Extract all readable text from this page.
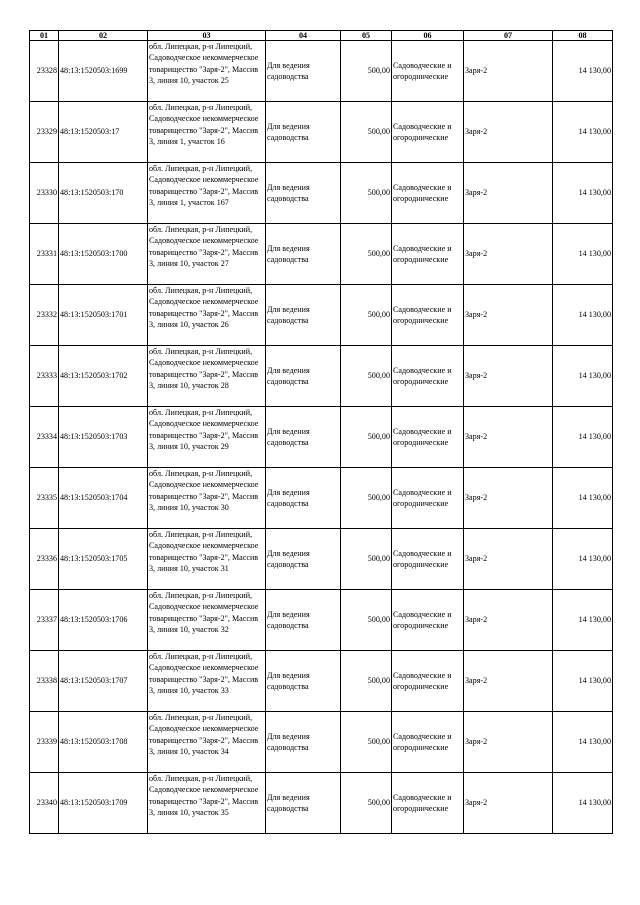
01	02	03	04	05	06	07	08
23328	48:13:1520503:1699	обл. Липецкая, р-н Липецкий, Садоводческое некоммерческое товарищество "Заря-2", Массив 3, линия 10, участок 25	Для ведения садоводства	500,00	Садоводческие и огороднические	Заря-2	14 130,00
23329	48:13:1520503:17	обл. Липецкая, р-н Липецкий, Садоводческое некоммерческое товарищество "Заря-2", Массив 3, линия 1, участок 16	Для ведения садоводства	500,00	Садоводческие и огороднические	Заря-2	14 130,00
23330	48:13:1520503:170	обл. Липецкая, р-н Липецкий, Садоводческое некоммерческое товарищество "Заря-2", Массив 3, линия 1, участок 167	Для ведения садоводства	500,00	Садоводческие и огороднические	Заря-2	14 130,00
23331	48:13:1520503:1700	обл. Липецкая, р-н Липецкий, Садоводческое некоммерческое товарищество "Заря-2", Массив 3, линия 10, участок 27	Для ведения садоводства	500,00	Садоводческие и огороднические	Заря-2	14 130,00
23332	48:13:1520503:1701	обл. Липецкая, р-н Липецкий, Садоводческое некоммерческое товарищество "Заря-2", Массив 3, линия 10, участок 26	Для ведения садоводства	500,00	Садоводческие и огороднические	Заря-2	14 130,00
23333	48:13:1520503:1702	обл. Липецкая, р-н Липецкий, Садоводческое некоммерческое товарищество "Заря-2", Массив 3, линия 10, участок 28	Для ведения садоводства	500,00	Садоводческие и огороднические	Заря-2	14 130,00
23334	48:13:1520503:1703	обл. Липецкая, р-н Липецкий, Садоводческое некоммерческое товарищество "Заря-2", Массив 3, линия 10, участок 29	Для ведения садоводства	500,00	Садоводческие и огороднические	Заря-2	14 130,00
23335	48:13:1520503:1704	обл. Липецкая, р-н Липецкий, Садоводческое некоммерческое товарищество "Заря-2", Массив 3, линия 10, участок 30	Для ведения садоводства	500,00	Садоводческие и огороднические	Заря-2	14 130,00
23336	48:13:1520503:1705	обл. Липецкая, р-н Липецкий, Садоводческое некоммерческое товарищество "Заря-2", Массив 3, линия 10, участок 31	Для ведения садоводства	500,00	Садоводческие и огороднические	Заря-2	14 130,00
23337	48:13:1520503:1706	обл. Липецкая, р-н Липецкий, Садоводческое некоммерческое товарищество "Заря-2", Массив 3, линия 10, участок 32	Для ведения садоводства	500,00	Садоводческие и огороднические	Заря-2	14 130,00
23338	48:13:1520503:1707	обл. Липецкая, р-н Липецкий, Садоводческое некоммерческое товарищество "Заря-2", Массив 3, линия 10, участок 33	Для ведения садоводства	500,00	Садоводческие и огороднические	Заря-2	14 130,00
23339	48:13:1520503:1708	обл. Липецкая, р-н Липецкий, Садоводческое некоммерческое товарищество "Заря-2", Массив 3, линия 10, участок 34	Для ведения садоводства	500,00	Садоводческие и огороднические	Заря-2	14 130,00
23340	48:13:1520503:1709	обл. Липецкая, р-н Липецкий, Садоводческое некоммерческое товарищество "Заря-2", Массив 3, линия 10, участок 35	Для ведения садоводства	500,00	Садоводческие и огороднические	Заря-2	14 130,00
